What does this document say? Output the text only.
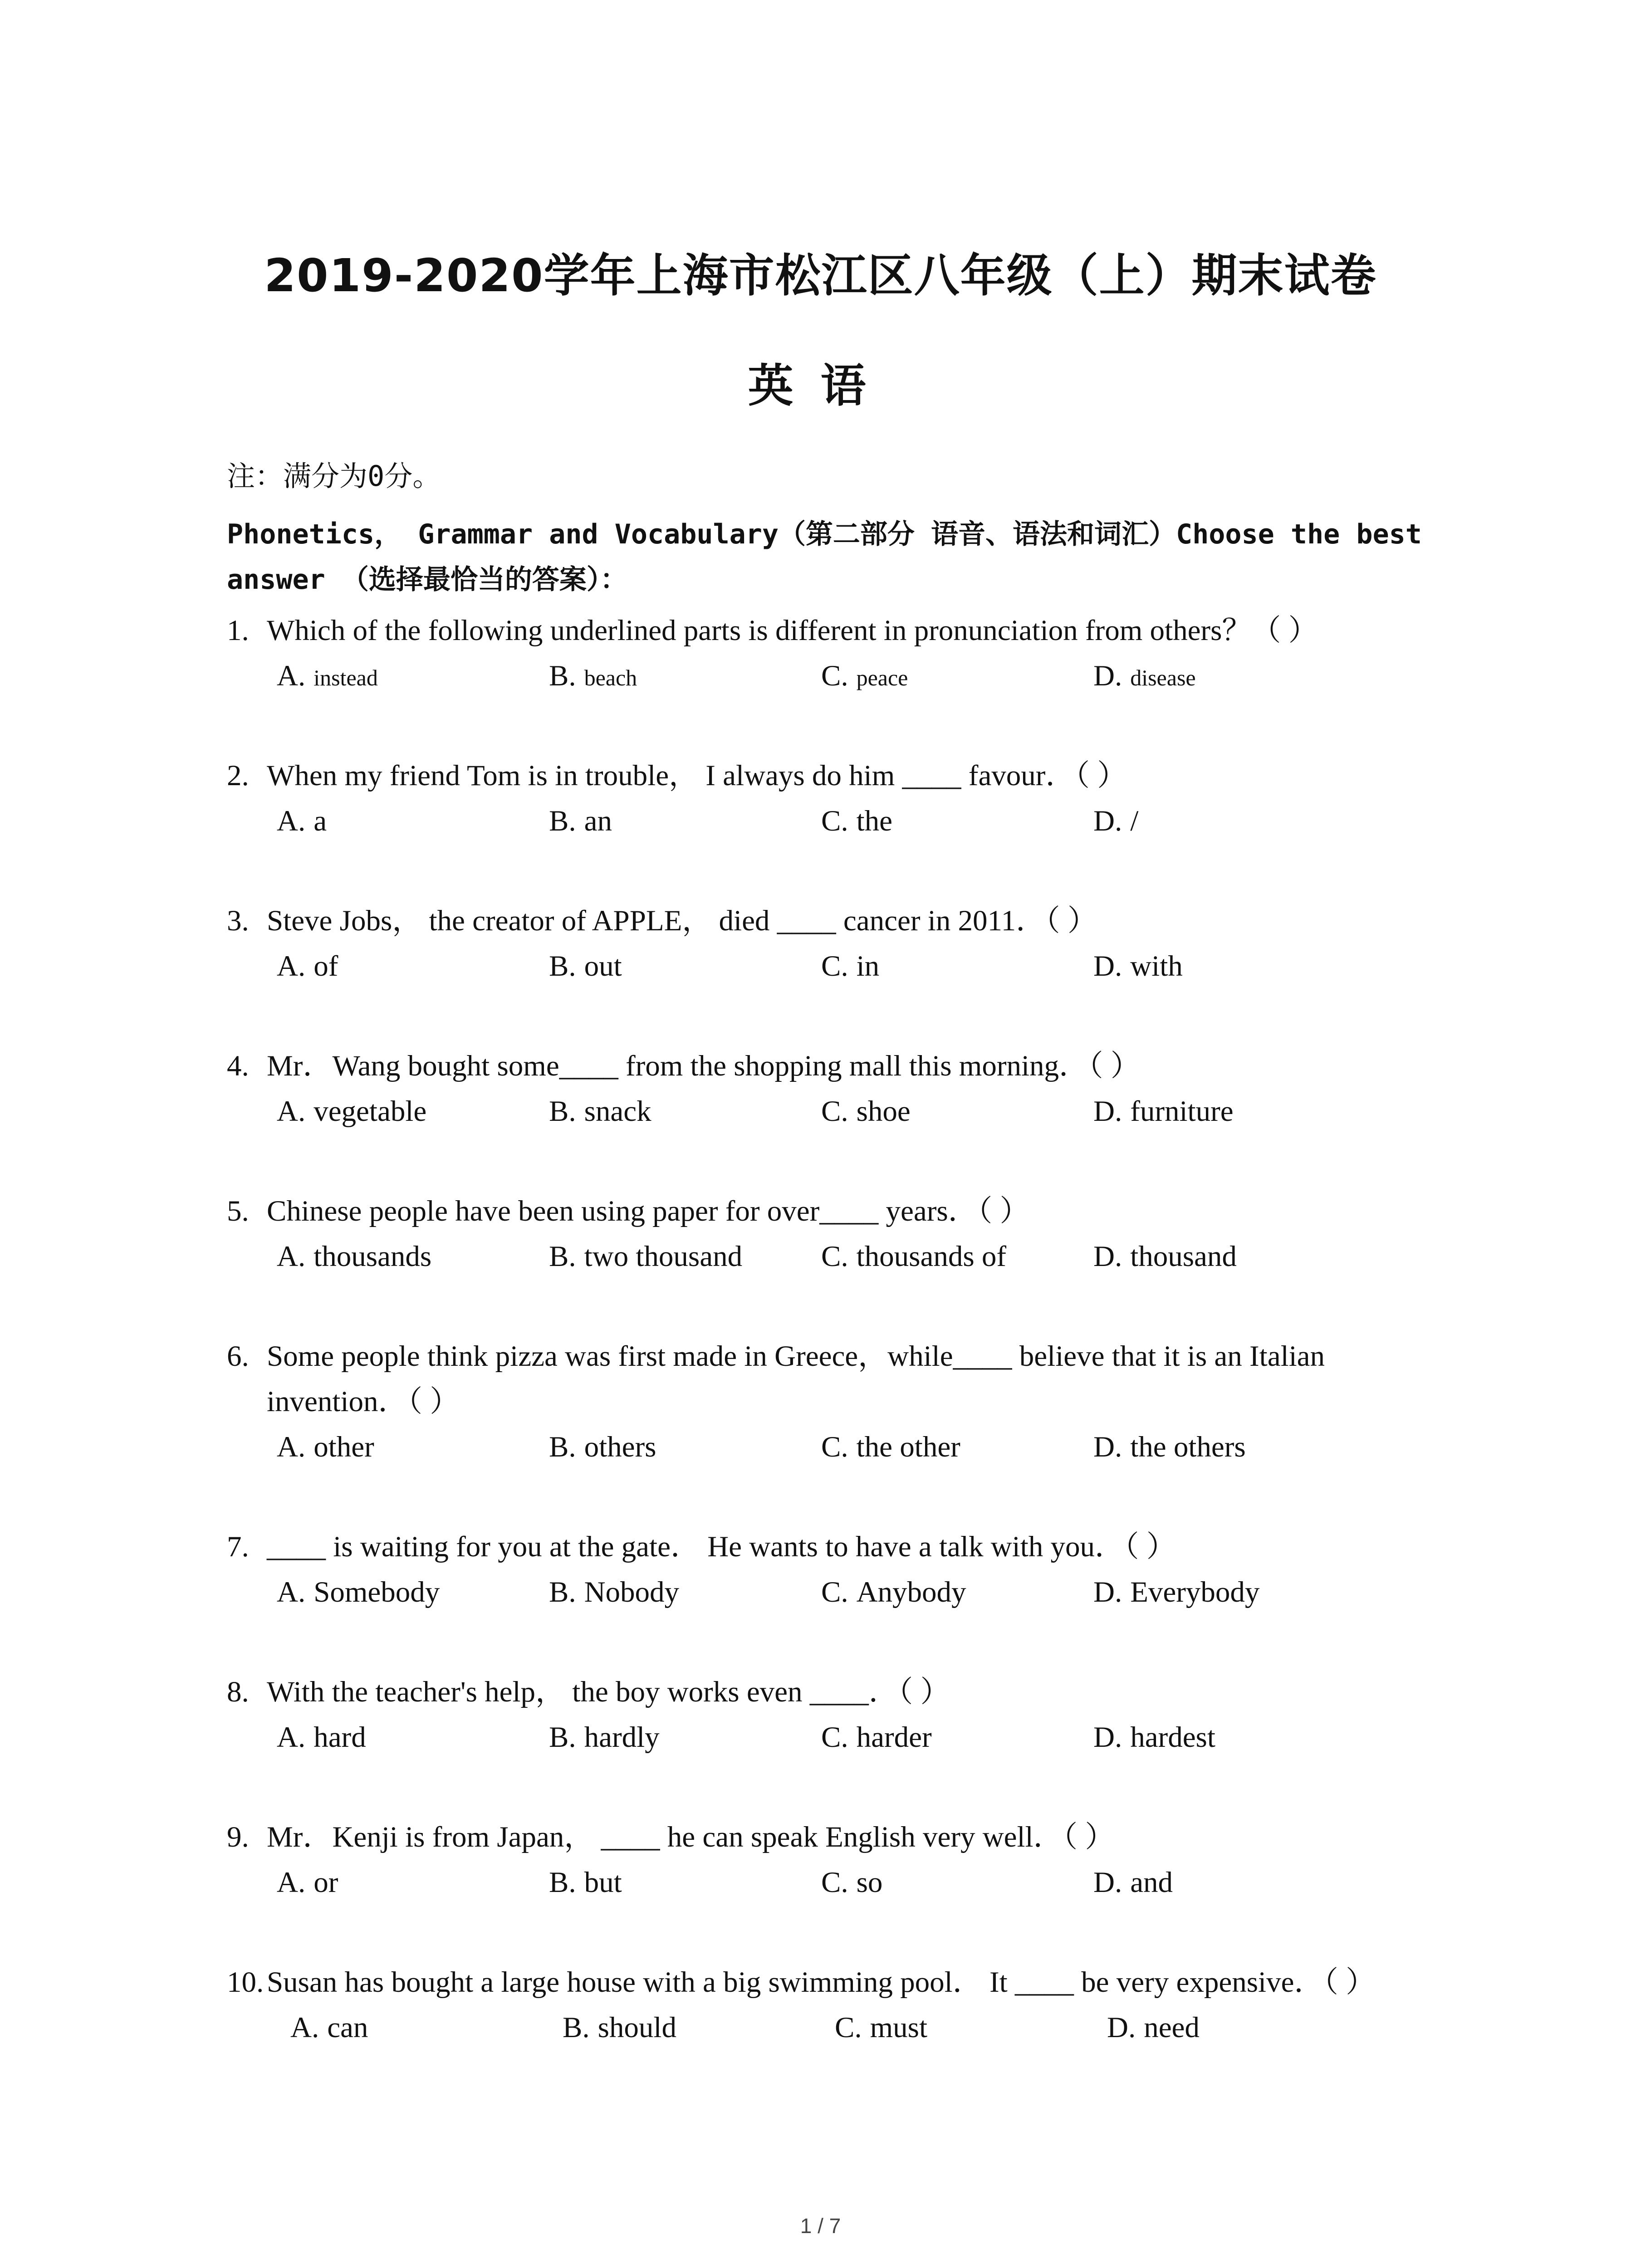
2019-2020学年上海市松江区八年级（上）期末试卷
英语
注：满分为0分。
Phonetics， Grammar and Vocabulary（第二部分 语音、语法和词汇）Choose the best answer （选择最恰当的答案）：
1. Which of the following underlined parts is different in pronunciation from others？（ ）
A. instead	B. beach	C. peace	D. disease
2. When my friend Tom is in trouble， I always do him ____ favour．（ ）
A. a	B. an	C. the	D. /
3. Steve Jobs， the creator of APPLE， died ____ cancer in 2011．（ ）
A. of	B. out	C. in	D. with
4. Mr．Wang bought some____ from the shopping mall this morning．（ ）
A. vegetable	B. snack	C. shoe	D. furniture
5. Chinese people have been using paper for over____ years．（ ）
A. thousands	B. two thousand	C. thousands of	D. thousand
6. Some people think pizza was first made in Greece，while____ believe that it is an Italian invention．（ ）
A. other	B. others	C. the other	D. the others
7. ____ is waiting for you at the gate． He wants to have a talk with you．（ ）
A. Somebody	B. Nobody	C. Anybody	D. Everybody
8. With the teacher's help， the boy works even ____．（ ）
A. hard	B. hardly	C. harder	D. hardest
9. Mr．Kenji is from Japan， ____ he can speak English very well．（ ）
A. or	B. but	C. so	D. and
10. Susan has bought a large house with a big swimming pool． It ____ be very expensive．（ ）
A. can	B. should	C. must	D. need
1 / 7
